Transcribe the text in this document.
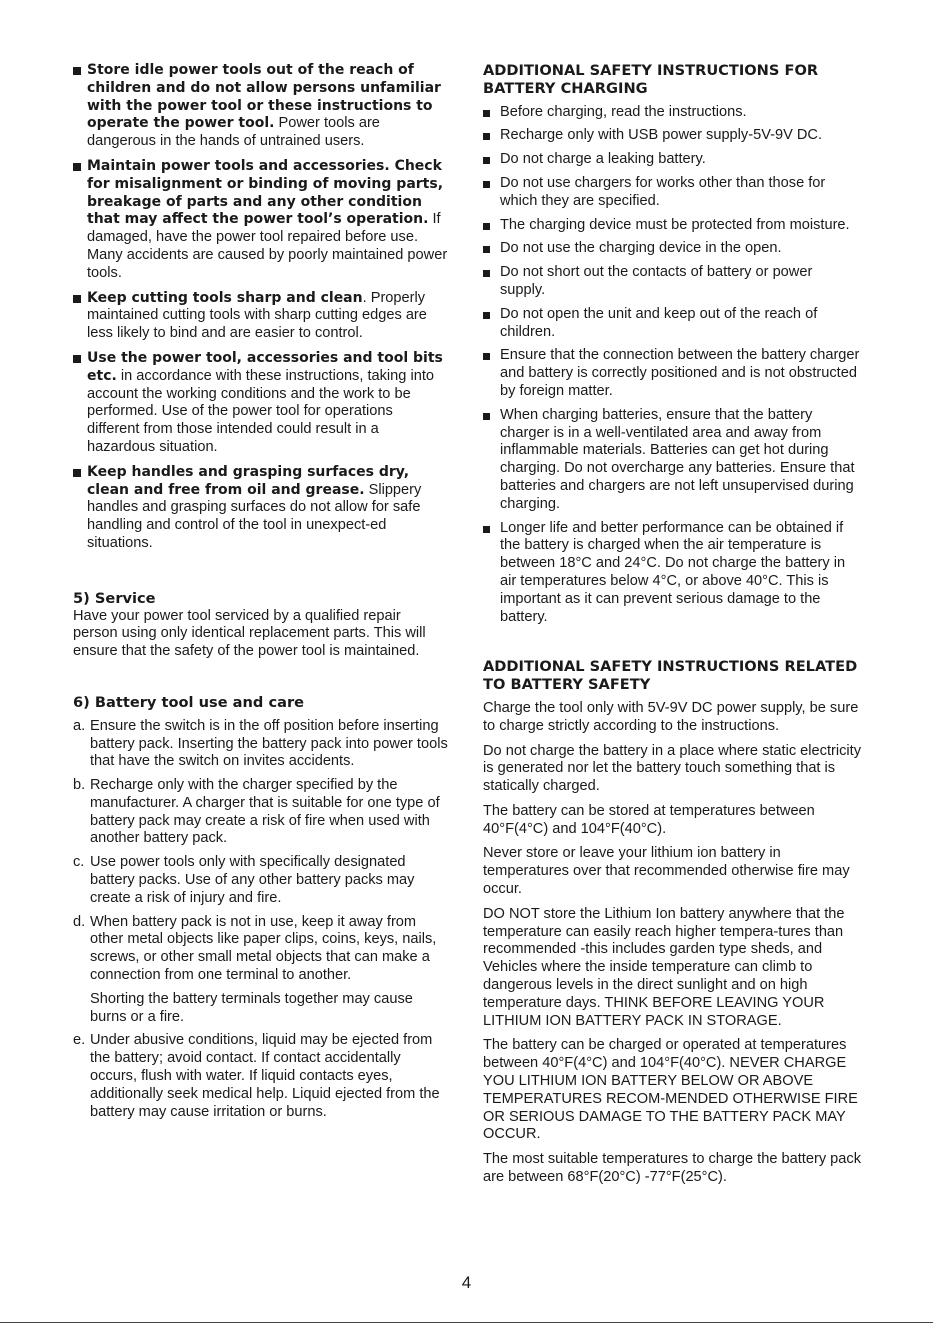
Store idle power tools out of the reach of children and do not allow persons unfamiliar with the power tool or these instructions to operate the power tool. Power tools are dangerous in the hands of untrained users.
Maintain power tools and accessories. Check for misalignment or binding of moving parts, breakage of parts and any other condition that may affect the power tool’s operation. If damaged, have the power tool repaired before use. Many accidents are caused by poorly maintained power tools.
Keep cutting tools sharp and clean. Properly maintained cutting tools with sharp cutting edges are less likely to bind and are easier to control.
Use the power tool, accessories and tool bits etc. in accordance with these instructions, taking into account the working conditions and the work to be performed. Use of the power tool for operations different from those intended could result in a hazardous situation.
Keep handles and grasping surfaces dry, clean and free from oil and grease. Slippery handles and grasping surfaces do not allow for safe handling and control of the tool in unexpect-ed situations.
5) Service

Have your power tool serviced by a qualified repair person using only identical replacement parts. This will ensure that the safety of the power tool is maintained.

6) Battery tool use and care
a. Ensure the switch is in the off position before inserting battery pack. Inserting the battery pack into power tools that have the switch on invites accidents.
b. Recharge only with the charger specified by the manufacturer. A charger that is suitable for one type of battery pack may create a risk of fire when used with another battery pack.
c. Use power tools only with specifically designated battery packs. Use of any other battery packs may create a risk of injury and fire.
d. When battery pack is not in use, keep it away from other metal objects like paper clips, coins, keys, nails, screws, or other small metal objects that can make a connection from one terminal to another.

Shorting the battery terminals together may cause burns or a fire.

e. Under abusive conditions, liquid may be ejected from the battery; avoid contact. If contact accidentally occurs, flush with water. If liquid contacts eyes, additionally seek medical help. Liquid ejected from the battery may cause irritation or burns.
ADDITIONAL SAFETY INSTRUCTIONS FOR BATTERY CHARGING
Before charging, read the instructions.
Recharge only with USB power supply-5V-9V DC.
Do not charge a leaking battery.
Do not use chargers for works other than those for which they are specified.
The charging device must be protected from moisture.
Do not use the charging device in the open.
Do not short out the contacts of battery or power supply.
Do not open the unit and keep out of the reach of children.
Ensure that the connection between the battery charger and battery is correctly positioned and is not obstructed by foreign matter.
When charging batteries, ensure that the battery charger is in a well-ventilated area and away from inflammable materials. Batteries can get hot during charging. Do not overcharge any batteries. Ensure that batteries and chargers are not left unsupervised during charging.
Longer life and better performance can be obtained if the battery is charged when the air temperature is between 18°C and 24°C. Do not charge the battery in air temperatures below 4°C, or above 40°C. This is important as it can prevent serious damage to the battery.
ADDITIONAL SAFETY INSTRUCTIONS RELATED TO BATTERY SAFETY

Charge the tool only with 5V-9V DC power supply, be sure to charge strictly according to the instructions.

Do not charge the battery in a place where static electricity is generated nor let the battery touch something that is statically charged.

The battery can be stored at temperatures between 40°F(4°C) and 104°F(40°C).

Never store or leave your lithium ion battery in temperatures over that recommended otherwise fire may occur.

DO NOT store the Lithium Ion battery anywhere that the temperature can easily reach higher tempera-tures than recommended -this includes garden type sheds, and Vehicles where the inside temperature can climb to dangerous levels in the direct sunlight and on high temperature days. THINK BEFORE LEAVING YOUR LITHIUM ION BATTERY PACK IN STORAGE.

The battery can be charged or operated at temperatures between 40°F(4°C) and 104°F(40°C). NEVER CHARGE YOU LITHIUM ION BATTERY BELOW OR ABOVE TEMPERATURES RECOM-MENDED OTHERWISE FIRE OR SERIOUS DAMAGE TO THE BATTERY PACK MAY OCCUR.

The most suitable temperatures to charge the battery pack are between 68°F(20°C) -77°F(25°C).

4
